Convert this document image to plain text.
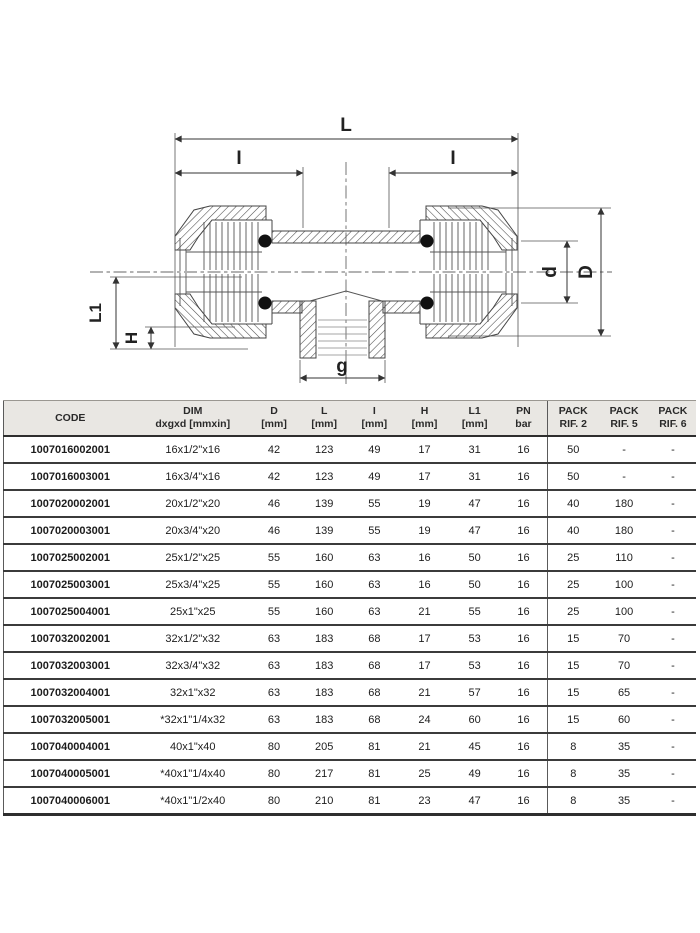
L
I	I
d D
L1
H
g
CODE

DIM
dxgxd [mmxin]

D
[mm]

L
[mm]

I
[mm]

H
[mm]

L1
[mm]

PN
bar

PACK
RIF. 2

PACK
RIF. 5

PACK
RIF. 6

1007016002001	16x1/2"x16	42	123	49	17	31	16	50	-	-
1007016003001	16x3/4"x16	42	123	49	17	31	16	50	-	-
1007020002001	20x1/2"x20	46	139	55	19	47	16	40	180	-
1007020003001	20x3/4"x20	46	139	55	19	47	16	40	180	-
1007025002001	25x1/2"x25	55	160	63	16	50	16	25	110	-
1007025003001	25x3/4"x25	55	160	63	16	50	16	25	100	-
1007025004001	25x1"x25	55	160	63	21	55	16	25	100	-
1007032002001	32x1/2"x32	63	183	68	17	53	16	15	70	-
1007032003001	32x3/4"x32	63	183	68	17	53	16	15	70	-
1007032004001	32x1"x32	63	183	68	21	57	16	15	65	-
1007032005001	*32x1"1/4x32	63	183	68	24	60	16	15	60	-
1007040004001	40x1"x40	80	205	81	21	45	16	8	35	-
1007040005001	*40x1"1/4x40	80	217	81	25	49	16	8	35	-
1007040006001	*40x1"1/2x40	80	210	81	23	47	16	8	35	-
